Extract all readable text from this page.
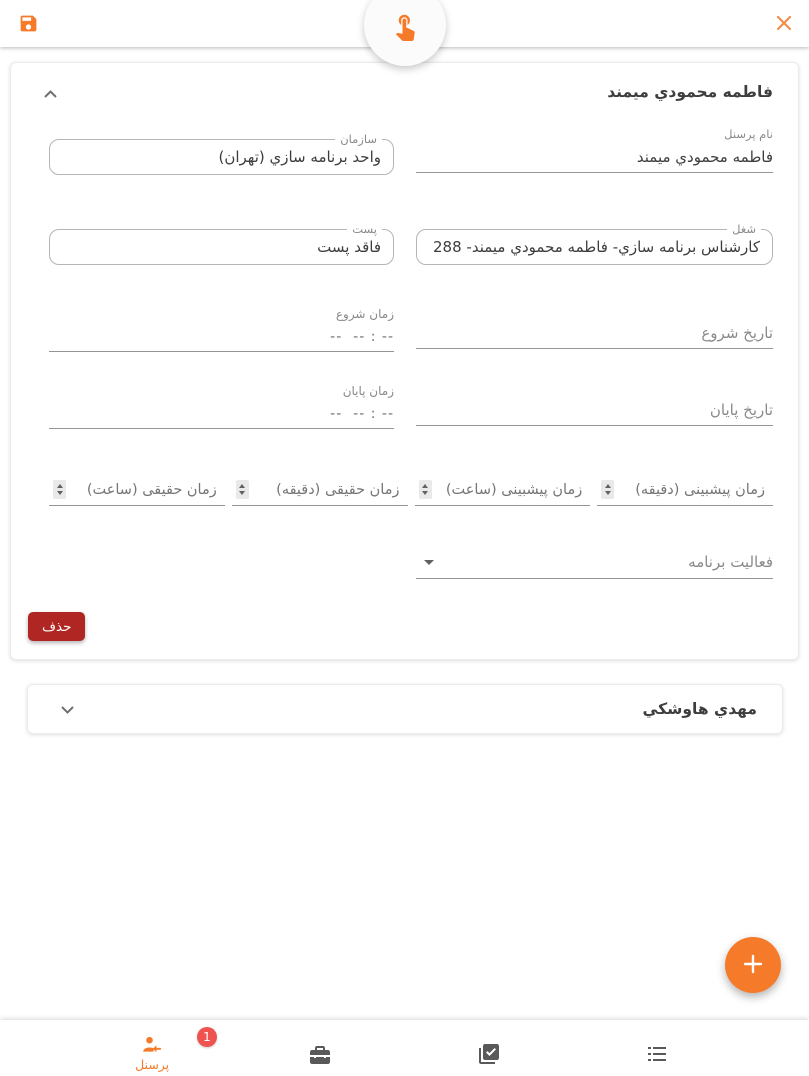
فاطمه محمودي ميمند
نام پرسنل
فاطمه محمودي ميمند
سازمان
واحد برنامه سازي (تهران)
شغل
كارشناس برنامه سازي- فاطمه محمودي ميمند- 288
پست
فاقد پست
تاریخ شروع
زمان شروع
--  -- : --
تاریخ پایان
زمان پایان
--  -- : --
زمان پیشبینی (دقیقه)
زمان پیشبینی (ساعت)
زمان حقیقی (دقیقه)
زمان حقیقی (ساعت)
فعالیت برنامه
حذف
مهدي هاوشكي
پرسنل
1
